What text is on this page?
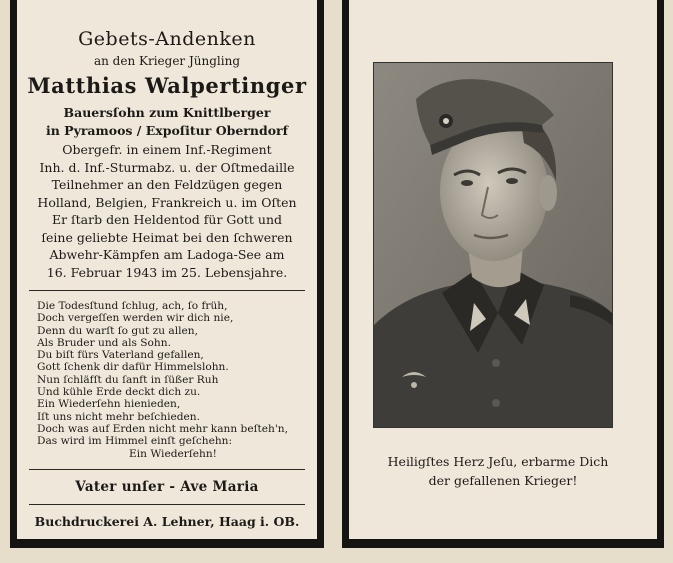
Gebets-Andenken
an den Krieger Jüngling
Matthias Walpertinger
Bauersſohn zum Knittlberger
in Pyramoos / Expoſitur Oberndorf
Obergefr. in einem Inf.-Regiment
Inh. d. Inf.-Sturmabz. u. der Oſtmedaille
Teilnehmer an den Feldzügen gegen
Holland, Belgien, Frankreich u. im Oſten
Er ſtarb den Heldentod für Gott und
ſeine geliebte Heimat bei den ſchweren
Abwehr-Kämpfen am Ladoga-See am
16. Februar 1943 im 25. Lebensjahre.
Die Todesſtund ſchlug, ach, ſo früh,
Doch vergeſſen werden wir dich nie,
Denn du warſt ſo gut zu allen,
Als Bruder und als Sohn.
Du biſt fürs Vaterland gefallen,
Gott ſchenk dir dafür Himmelslohn.
Nun ſchläfſt du ſanft in ſüßer Ruh
Und kühle Erde deckt dich zu.
Ein Wiederſehn hienieden,
Iſt uns nicht mehr beſchieden.
Doch was auf Erden nicht mehr kann beſteh'n,
Das wird im Himmel einſt geſchehn:
Ein Wiederſehn!
Vater unſer - Ave Maria
Buchdruckerei A. Lehner, Haag i. OB.
Heiligſtes Herz Jeſu, erbarme Dich
der gefallenen Krieger!
